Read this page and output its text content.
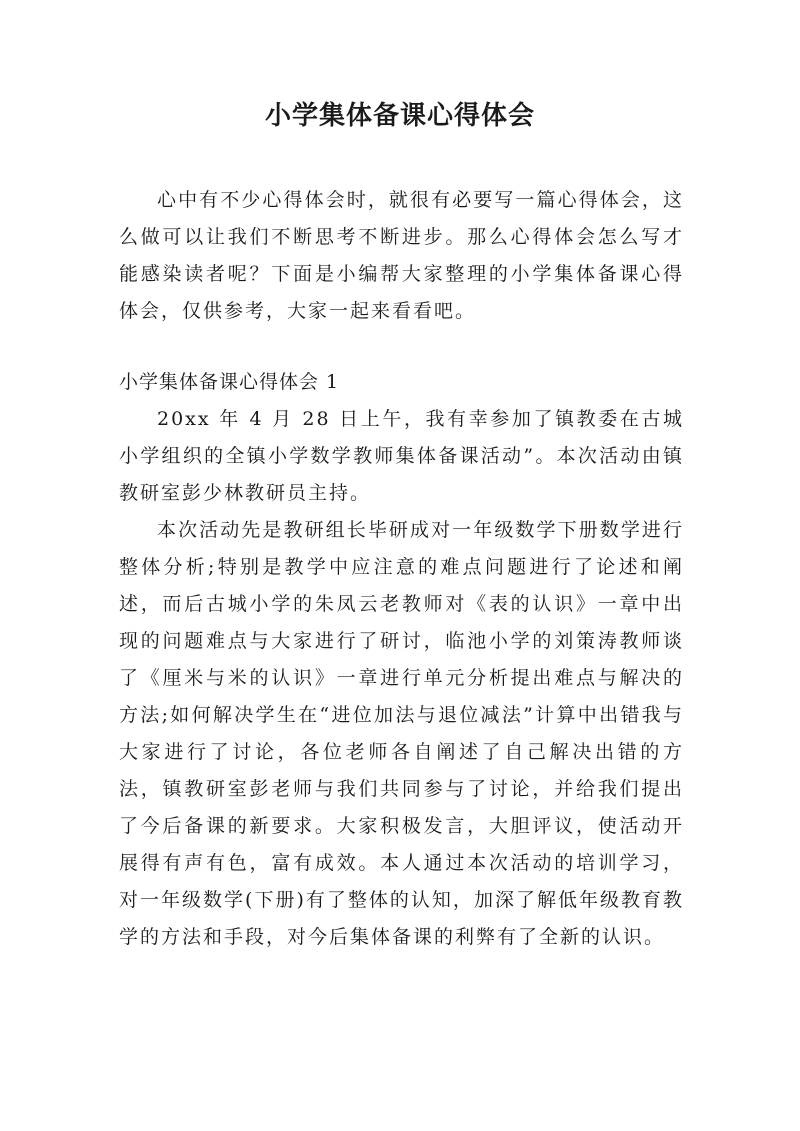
小学集体备课心得体会

心中有不少心得体会时，就很有必要写一篇心得体会，这么做可以让我们不断思考不断进步。那么心得体会怎么写才能感染读者呢？下面是小编帮大家整理的小学集体备课心得体会，仅供参考，大家一起来看看吧。

小学集体备课心得体会 1

20xx 年 4 月 28 日上午，我有幸参加了镇教委在古城小学组织的全镇小学数学教师集体备课活动”。本次活动由镇教研室彭少林教研员主持。

本次活动先是教研组长毕研成对一年级数学下册数学进行整体分析;特别是教学中应注意的难点问题进行了论述和阐述，而后古城小学的朱凤云老教师对《表的认识》一章中出现的问题难点与大家进行了研讨，临池小学的刘策涛教师谈了《厘米与米的认识》一章进行单元分析提出难点与解决的方法;如何解决学生在“进位加法与退位减法”计算中出错我与大家进行了讨论，各位老师各自阐述了自己解决出错的方法，镇教研室彭老师与我们共同参与了讨论，并给我们提出了今后备课的新要求。大家积极发言，大胆评议，使活动开展得有声有色，富有成效。本人通过本次活动的培训学习，对一年级数学(下册)有了整体的认知，加深了解低年级教育教学的方法和手段，对今后集体备课的利弊有了全新的认识。
